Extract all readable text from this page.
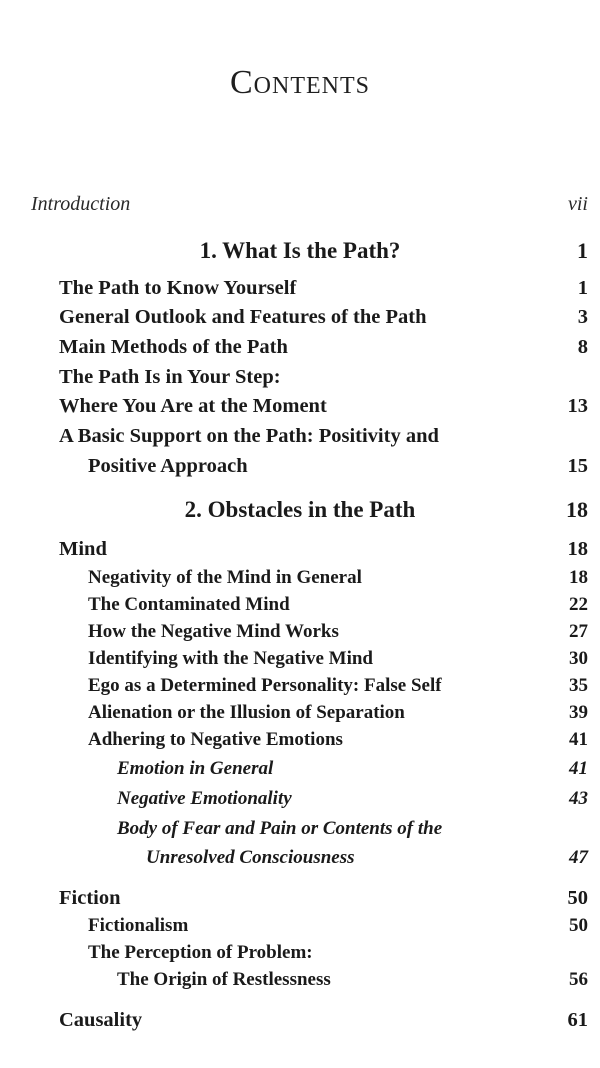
Contents
Introduction	vii
1. What Is the Path?	1
The Path to Know Yourself	1
General Outlook and Features of the Path	3
Main Methods of the Path	8
The Path Is in Your Step:
Where You Are at the Moment	13
A Basic Support on the Path: Positivity and
Positive Approach	15
2. Obstacles in the Path	18
Mind	18
Negativity of the Mind in General	18
The Contaminated Mind	22
How the Negative Mind Works	27
Identifying with the Negative Mind	30
Ego as a Determined Personality: False Self	35
Alienation or the Illusion of Separation	39
Adhering to Negative Emotions	41
Emotion in General	41
Negative Emotionality	43
Body of Fear and Pain or Contents of the
Unresolved Consciousness	47
Fiction	50
Fictionalism	50
The Perception of Problem:
The Origin of Restlessness	56
Causality	61
